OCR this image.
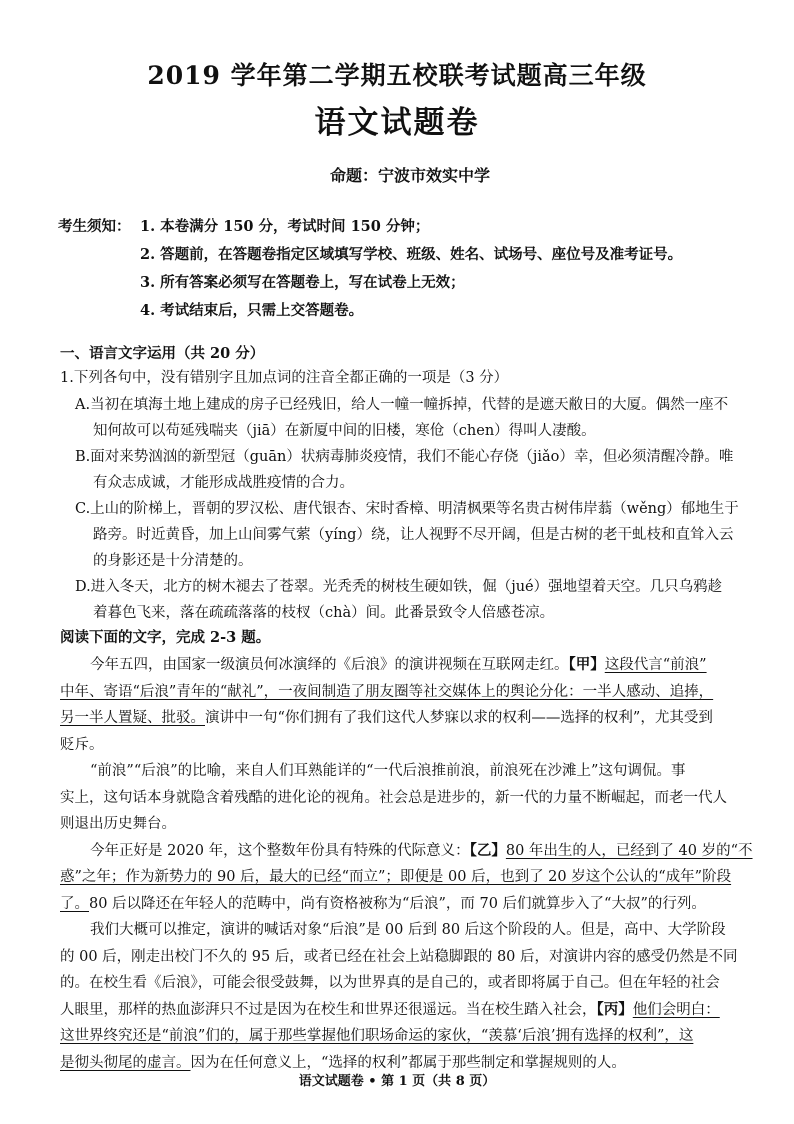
2019 学年第二学期五校联考试题高三年级
语文试题卷
命题：宁波市效实中学
考生须知： 1. 本卷满分 150 分，考试时间 150 分钟；
2. 答题前，在答题卷指定区域填写学校、班级、姓名、试场号、座位号及准考证号。
3. 所有答案必须写在答题卷上，写在试卷上无效；
4. 考试结束后，只需上交答题卷。
一、语言文字运用（共 20 分）
1.下列各句中，没有错别字且加点词的注音全都正确的一项是（3 分）
A.当初在填海土地上建成的房子已经残旧，给人一幢一幢拆掉，代替的是遮天敝日的大厦。偶然一座不
知何故可以苟延残喘夹（jiā）在新厦中间的旧楼，寒伧（chen）得叫人凄酸。
B.面对来势汹汹的新型冠（guān）状病毒肺炎疫情，我们不能心存侥（jiǎo）幸，但必须清醒冷静。唯
有众志成诚，才能形成战胜疫情的合力。
C.上山的阶梯上，晋朝的罗汉松、唐代银杏、宋时香樟、明清枫栗等名贵古树伟岸蓊（wěng）郁地生于
路旁。时近黄昏，加上山间雾气萦（yíng）绕，让人视野不尽开阔，但是古树的老干虬枝和直耸入云
的身影还是十分清楚的。
D.进入冬天，北方的树木褪去了苍翠。光秃秃的树枝生硬如铁，倔（jué）强地望着天空。几只乌鸦趁
着暮色飞来，落在疏疏落落的枝杈（chà）间。此番景致令人倍感苍凉。
阅读下面的文字，完成 2-3 题。
今年五四，由国家一级演员何冰演绎的《后浪》的演讲视频在互联网走红。【甲】这段代言“前浪”
中年、寄语“后浪”青年的“献礼”，一夜间制造了朋友圈等社交媒体上的舆论分化：一半人感动、追捧，
另一半人置疑、批驳。演讲中一句“你们拥有了我们这代人梦寐以求的权利——选择的权利”，尤其受到
贬斥。
“前浪”“后浪”的比喻，来自人们耳熟能详的“一代后浪推前浪，前浪死在沙滩上”这句调侃。事
实上，这句话本身就隐含着残酷的进化论的视角。社会总是进步的，新一代的力量不断崛起，而老一代人
则退出历史舞台。
今年正好是 2020 年，这个整数年份具有特殊的代际意义：【乙】80 年出生的人，已经到了 40 岁的“不
惑”之年；作为新势力的 90 后，最大的已经“而立”；即便是 00 后，也到了 20 岁这个公认的“成年”阶段
了。80 后以降还在年轻人的范畴中，尚有资格被称为“后浪”，而 70 后们就算步入了“大叔”的行列。
我们大概可以推定，演讲的喊话对象“后浪”是 00 后到 80 后这个阶段的人。但是，高中、大学阶段
的 00 后，刚走出校门不久的 95 后，或者已经在社会上站稳脚跟的 80 后，对演讲内容的感受仍然是不同
的。在校生看《后浪》，可能会很受鼓舞，以为世界真的是自己的，或者即将属于自己。但在年轻的社会
人眼里，那样的热血澎湃只不过是因为在校生和世界还很遥远。当在校生踏入社会，【丙】他们会明白：
这世界终究还是“前浪”们的，属于那些掌握他们职场命运的家伙，“羡慕‘后浪’拥有选择的权利”，这
是彻头彻尾的虚言。因为在任何意义上，“选择的权利”都属于那些制定和掌握规则的人。
语文试题卷 • 第 1 页（共 8 页）
